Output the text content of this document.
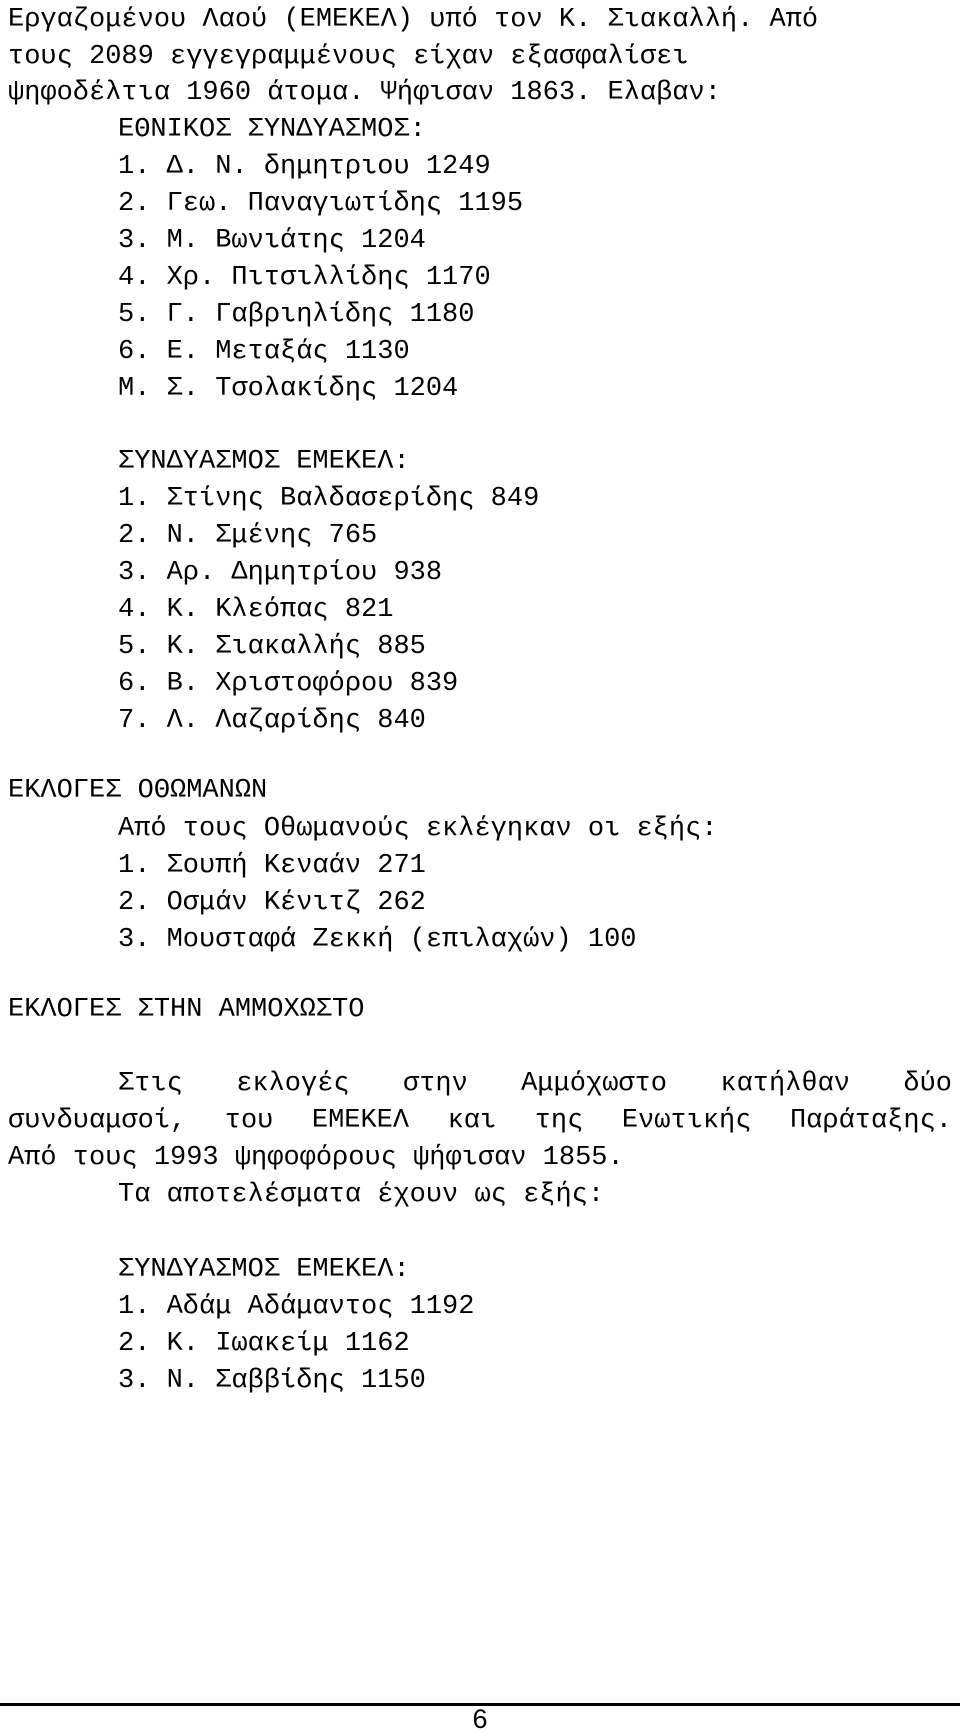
Εργαζομένου Λαού (ΕΜΕΚΕΛ) υπό τον Κ. Σιακαλλή. Από
τους 2089 εγγεγραμμένους είχαν εξασφαλίσει
ψηφοδέλτια 1960 άτομα. Ψήφισαν 1863. Ελαβαν:
ΕΘΝΙΚΟΣ ΣΥΝΔΥΑΣΜΟΣ:
1. Δ. Ν. δημητριου 1249
2. Γεω. Παναγιωτίδης 1195
3. Μ. Βωνιάτης 1204
4. Χρ. Πιτσιλλίδης 1170
5. Γ. Γαβριηλίδης 1180
6. Ε. Μεταξάς 1130
Μ. Σ. Τσολακίδης 1204
ΣΥΝΔΥΑΣΜΟΣ ΕΜΕΚΕΛ:
1. Στίνης Βαλδασερίδης 849
2. Ν. Σμένης 765
3. Αρ. Δημητρίου 938
4. Κ. Κλεόπας 821
5. Κ. Σιακαλλής 885
6. Β. Χριστοφόρου 839
7. Λ. Λαζαρίδης 840
ΕΚΛΟΓΕΣ ΟΘΩΜΑΝΩΝ
Από τους Οθωμανούς εκλέγηκαν οι εξής:
1. Σουπή Κεναάν 271
2. Οσμάν Κένιτζ 262
3. Μουσταφά Ζεκκή (επιλαχών) 100
ΕΚΛΟΓΕΣ ΣΤΗΝ ΑΜΜΟΧΩΣΤΟ
Στις εκλογές στην Αμμόχωστο κατήλθαν δύο
συνδυαμσοί, του ΕΜΕΚΕΛ και της Ενωτικής Παράταξης.
Από τους 1993 ψηφοφόρους ψήφισαν 1855.
Τα αποτελέσματα έχουν ως εξής:
ΣΥΝΔΥΑΣΜΟΣ ΕΜΕΚΕΛ:
1. Αδάμ Αδάμαντος 1192
2. Κ. Ιωακείμ 1162
3. Ν. Σαββίδης 1150
6
